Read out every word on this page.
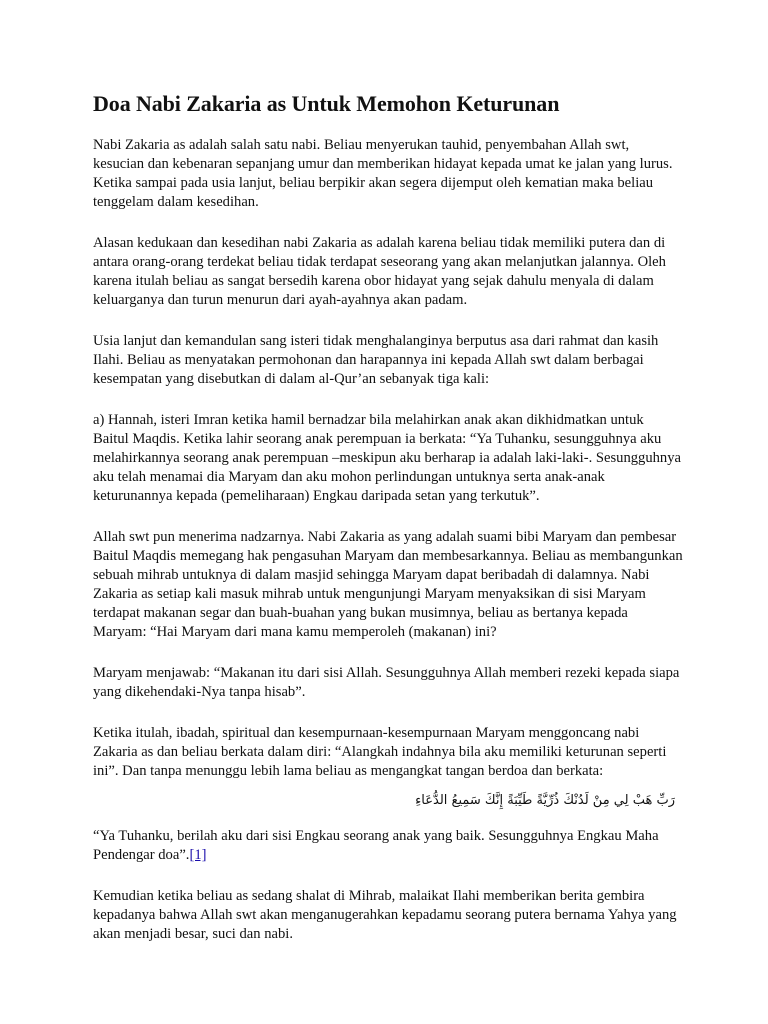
Doa Nabi Zakaria as Untuk Memohon Keturunan

Nabi Zakaria as adalah salah satu nabi. Beliau menyerukan tauhid, penyembahan Allah swt, kesucian dan kebenaran sepanjang umur dan memberikan hidayat kepada umat ke jalan yang lurus. Ketika sampai pada usia lanjut, beliau berpikir akan segera dijemput oleh kematian maka beliau tenggelam dalam kesedihan.

Alasan kedukaan dan kesedihan nabi Zakaria as adalah karena beliau tidak memiliki putera dan di antara orang-orang terdekat beliau tidak terdapat seseorang yang akan melanjutkan jalannya. Oleh karena itulah beliau as sangat bersedih karena obor hidayat yang sejak dahulu menyala di dalam keluarganya dan turun menurun dari ayah-ayahnya akan padam.

Usia lanjut dan kemandulan sang isteri tidak menghalanginya berputus asa dari rahmat dan kasih Ilahi. Beliau as menyatakan permohonan dan harapannya ini kepada Allah swt dalam berbagai kesempatan yang disebutkan di dalam al-Qur’an sebanyak tiga kali:

a) Hannah, isteri Imran ketika hamil bernadzar bila melahirkan anak akan dikhidmatkan untuk Baitul Maqdis. Ketika lahir seorang anak perempuan ia berkata: “Ya Tuhanku, sesungguhnya aku melahirkannya seorang anak perempuan –meskipun aku berharap ia adalah laki-laki-. Sesungguhnya aku telah menamai dia Maryam dan aku mohon perlindungan untuknya serta anak-anak keturunannya kepada (pemeliharaan) Engkau daripada setan yang terkutuk”.

Allah swt pun menerima nadzarnya. Nabi Zakaria as yang adalah suami bibi Maryam dan pembesar Baitul Maqdis memegang hak pengasuhan Maryam dan membesarkannya. Beliau as membangunkan sebuah mihrab untuknya di dalam masjid sehingga Maryam dapat beribadah di dalamnya. Nabi Zakaria as setiap kali masuk mihrab untuk mengunjungi Maryam menyaksikan di sisi Maryam terdapat makanan segar dan buah-buahan yang bukan musimnya, beliau as bertanya kepada Maryam: “Hai Maryam dari mana kamu memperoleh (makanan) ini?

Maryam menjawab: “Makanan itu dari sisi Allah. Sesungguhnya Allah memberi rezeki kepada siapa yang dikehendaki-Nya tanpa hisab”.

Ketika itulah, ibadah, spiritual dan kesempurnaan-kesempurnaan Maryam menggoncang nabi Zakaria as dan beliau berkata dalam diri: “Alangkah indahnya bila aku memiliki keturunan seperti ini”. Dan tanpa menunggu lebih lama beliau as mengangkat tangan berdoa dan berkata:

رَبِّ هَبْ لِي مِنْ لَدُنْكَ ذُرِّيَّةً طَيِّبَةً إِنَّكَ سَمِيعُ الدُّعَاءِ

“Ya Tuhanku, berilah aku dari sisi Engkau seorang anak yang baik. Sesungguhnya Engkau Maha Pendengar doa”.[1]

Kemudian ketika beliau as sedang shalat di Mihrab, malaikat Ilahi memberikan berita gembira kepadanya bahwa Allah swt akan menganugerahkan kepadamu seorang putera bernama Yahya yang akan menjadi besar, suci dan nabi.
